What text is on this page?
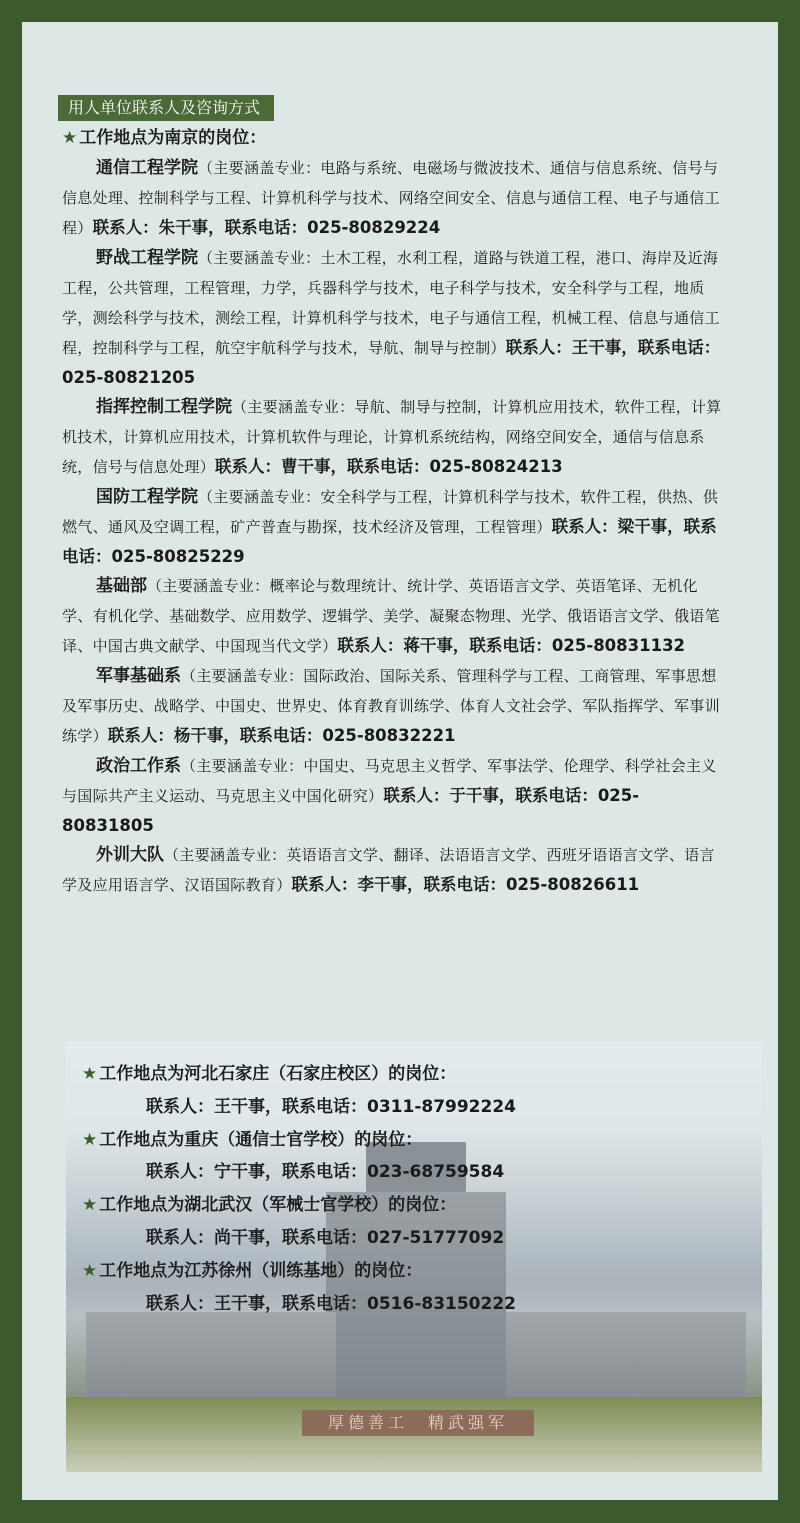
厚德善工　精武强军
用人单位联系人及咨询方式
★ 工作地点为南京的岗位：

通信工程学院（主要涵盖专业：电路与系统、电磁场与微波技术、通信与信息系统、信号与信息处理、控制科学与工程、计算机科学与技术、网络空间安全、信息与通信工程、电子与通信工程）联系人：朱干事，联系电话：025-80829224

野战工程学院（主要涵盖专业：土木工程，水利工程，道路与铁道工程，港口、海岸及近海工程，公共管理，工程管理，力学，兵器科学与技术，电子科学与技术，安全科学与工程，地质学，测绘科学与技术，测绘工程，计算机科学与技术，电子与通信工程，机械工程、信息与通信工程，控制科学与工程，航空宇航科学与技术，导航、制导与控制）联系人：王干事，联系电话：025-80821205

指挥控制工程学院（主要涵盖专业：导航、制导与控制，计算机应用技术，软件工程，计算机技术，计算机应用技术，计算机软件与理论，计算机系统结构，网络空间安全，通信与信息系统，信号与信息处理）联系人：曹干事，联系电话：025-80824213

国防工程学院（主要涵盖专业：安全科学与工程，计算机科学与技术，软件工程，供热、供燃气、通风及空调工程，矿产普查与勘探，技术经济及管理，工程管理）联系人：梁干事，联系电话：025-80825229

基础部（主要涵盖专业：概率论与数理统计、统计学、英语语言文学、英语笔译、无机化学、有机化学、基础数学、应用数学、逻辑学、美学、凝聚态物理、光学、俄语语言文学、俄语笔译、中国古典文献学、中国现当代文学）联系人：蒋干事，联系电话：025-80831132

军事基础系（主要涵盖专业：国际政治、国际关系、管理科学与工程、工商管理、军事思想及军事历史、战略学、中国史、世界史、体育教育训练学、体育人文社会学、军队指挥学、军事训练学）联系人：杨干事，联系电话：025-80832221

政治工作系（主要涵盖专业：中国史、马克思主义哲学、军事法学、伦理学、科学社会主义与国际共产主义运动、马克思主义中国化研究）联系人：于干事，联系电话：025-80831805

外训大队（主要涵盖专业：英语语言文学、翻译、法语语言文学、西班牙语语言文学、语言学及应用语言学、汉语国际教育）联系人：李干事，联系电话：025-80826611

★ 工作地点为河北石家庄（石家庄校区）的岗位：
联系人：王干事，联系电话：0311-87992224
★ 工作地点为重庆（通信士官学校）的岗位：
联系人：宁干事，联系电话：023-68759584
★ 工作地点为湖北武汉（军械士官学校）的岗位：
联系人：尚干事，联系电话：027-51777092
★ 工作地点为江苏徐州（训练基地）的岗位：
联系人：王干事，联系电话：0516-83150222
